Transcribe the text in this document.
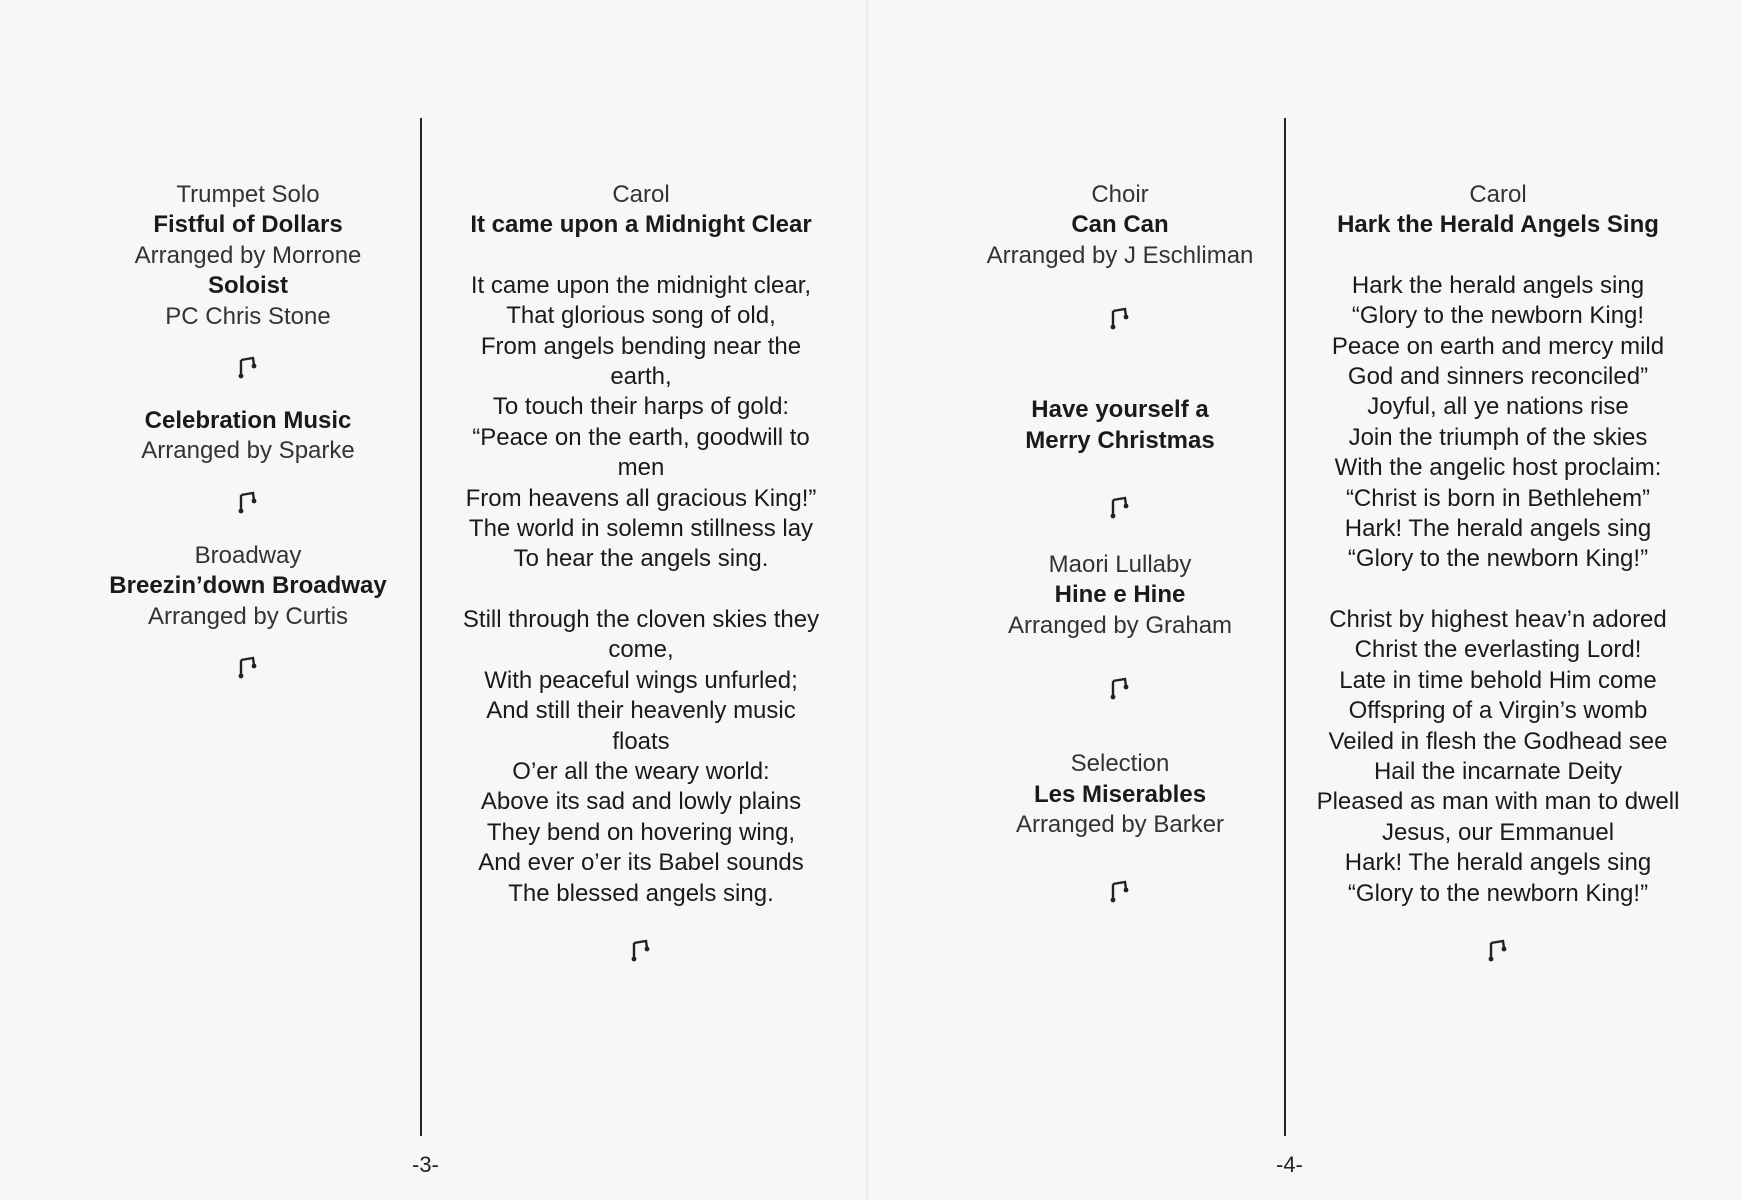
Trumpet Solo

Fistful of Dollars

Arranged by Morrone

Soloist

PC Chris Stone

Celebration Music

Arranged by Sparke

Broadway

Breezin’down Broadway

Arranged by Curtis

Carol

It came upon a Midnight Clear

It came upon the midnight clear,

That glorious song of old,

From angels bending near the

earth,

To touch their harps of gold:

“Peace on the earth, goodwill to

men

From heavens all gracious King!”

The world in solemn stillness lay

To hear the angels sing.

Still through the cloven skies they

come,

With peaceful wings unfurled;

And still their heavenly music

floats

O’er all the weary world:

Above its sad and lowly plains

They bend on hovering wing,

And ever o’er its Babel sounds

The blessed angels sing.

-3-

Choir

Can Can

Arranged by J Eschliman

Have yourself a

Merry Christmas

Maori Lullaby

Hine e Hine

Arranged by Graham

Selection

Les Miserables

Arranged by Barker

Carol

Hark the Herald Angels Sing

Hark the herald angels sing

“Glory to the newborn King!

Peace on earth and mercy mild

God and sinners reconciled”

Joyful, all ye nations rise

Join the triumph of the skies

With the angelic host proclaim:

“Christ is born in Bethlehem”

Hark! The herald angels sing

“Glory to the newborn King!”

Christ by highest heav’n adored

Christ the everlasting Lord!

Late in time behold Him come

Offspring of a Virgin’s womb

Veiled in flesh the Godhead see

Hail the incarnate Deity

Pleased as man with man to dwell

Jesus, our Emmanuel

Hark! The herald angels sing

“Glory to the newborn King!”

-4-
